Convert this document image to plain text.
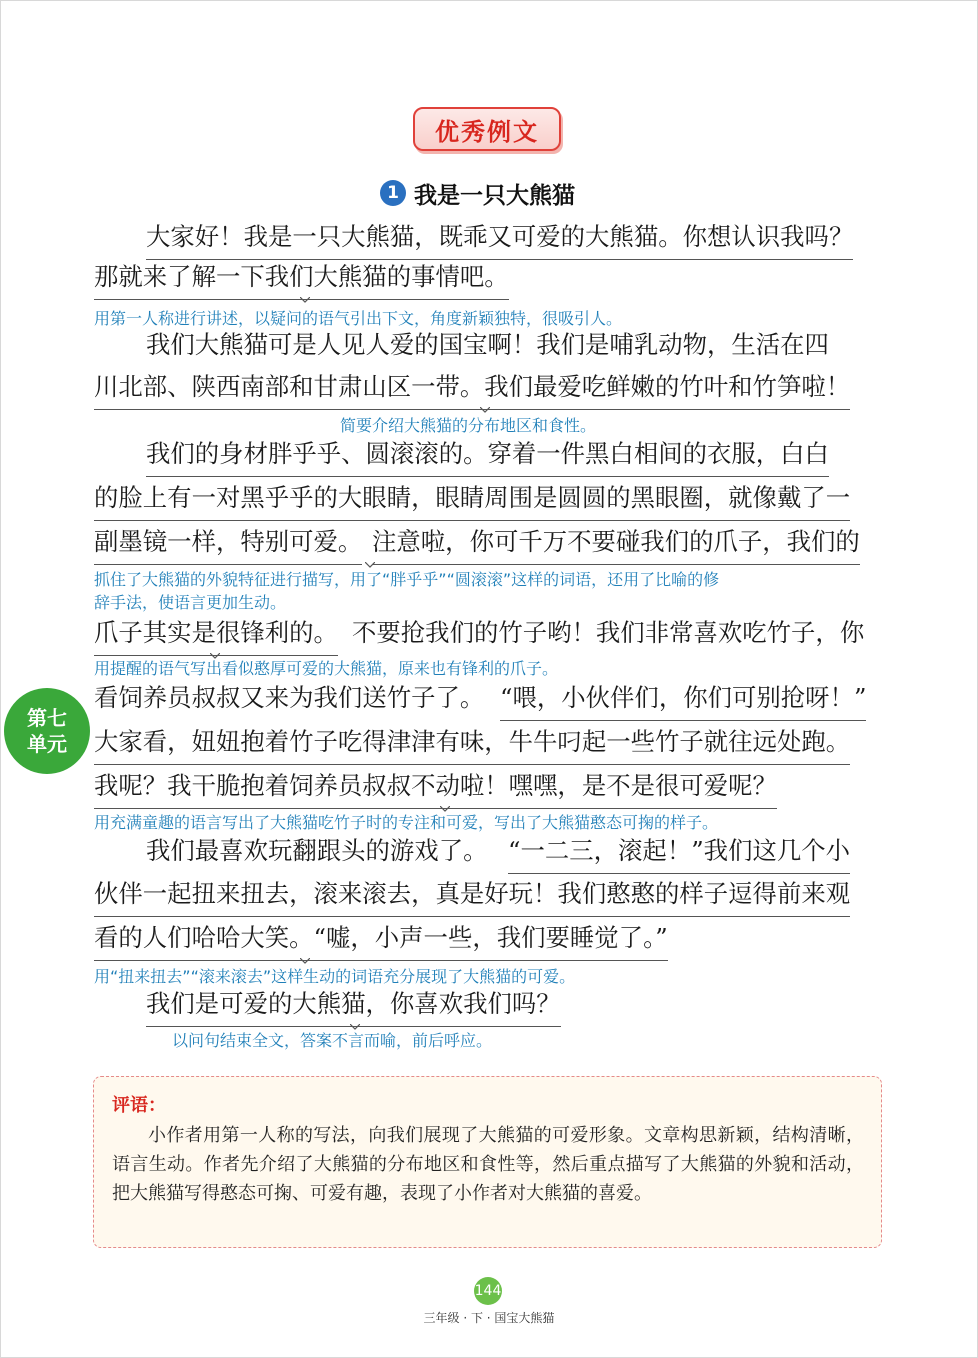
优秀例文
1 我是一只大熊猫
大家好！我是一只大熊猫，既乖又可爱的大熊猫。你想认识我吗？
那就来了解一下我们大熊猫的事情吧。
用第一人称进行讲述，以疑问的语气引出下文，角度新颖独特，很吸引人。
我们大熊猫可是人见人爱的国宝啊！我们是哺乳动物，生活在四
川北部、陕西南部和甘肃山区一带。我们最爱吃鲜嫩的竹叶和竹笋啦！
简要介绍大熊猫的分布地区和食性。
我们的身材胖乎乎、圆滚滚的。穿着一件黑白相间的衣服，白白
的脸上有一对黑乎乎的大眼睛，眼睛周围是圆圆的黑眼圈，就像戴了一
副墨镜一样，特别可爱。 注意啦，你可千万不要碰我们的爪子，我们的
抓住了大熊猫的外貌特征进行描写，用了“胖乎乎”“圆滚滚”这样的词语，还用了比喻的修
辞手法，使语言更加生动。
爪子其实是很锋利的。 不要抢我们的竹子哟！我们非常喜欢吃竹子，你
用提醒的语气写出看似憨厚可爱的大熊猫，原来也有锋利的爪子。
看饲养员叔叔又来为我们送竹子了。 “喂，小伙伴们，你们可别抢呀！”
大家看，妞妞抱着竹子吃得津津有味，牛牛叼起一些竹子就往远处跑。
我呢？我干脆抱着饲养员叔叔不动啦！嘿嘿，是不是很可爱呢？
用充满童趣的语言写出了大熊猫吃竹子时的专注和可爱，写出了大熊猫憨态可掬的样子。
我们最喜欢玩翻跟头的游戏了。 “一二三，滚起！”我们这几个小
伙伴一起扭来扭去，滚来滚去，真是好玩！我们憨憨的样子逗得前来观
看的人们哈哈大笑。“嘘，小声一些，我们要睡觉了。”
用“扭来扭去”“滚来滚去”这样生动的词语充分展现了大熊猫的可爱。
我们是可爱的大熊猫，你喜欢我们吗？
以问句结束全文，答案不言而喻，前后呼应。
第七
单元
评语：
小作者用第一人称的写法，向我们展现了大熊猫的可爱形象。文章构思新颖，结构清晰，语言生动。作者先介绍了大熊猫的分布地区和食性等，然后重点描写了大熊猫的外貌和活动，把大熊猫写得憨态可掬、可爱有趣，表现了小作者对大熊猫的喜爱。
144
三年级 · 下 · 国宝大熊猫
